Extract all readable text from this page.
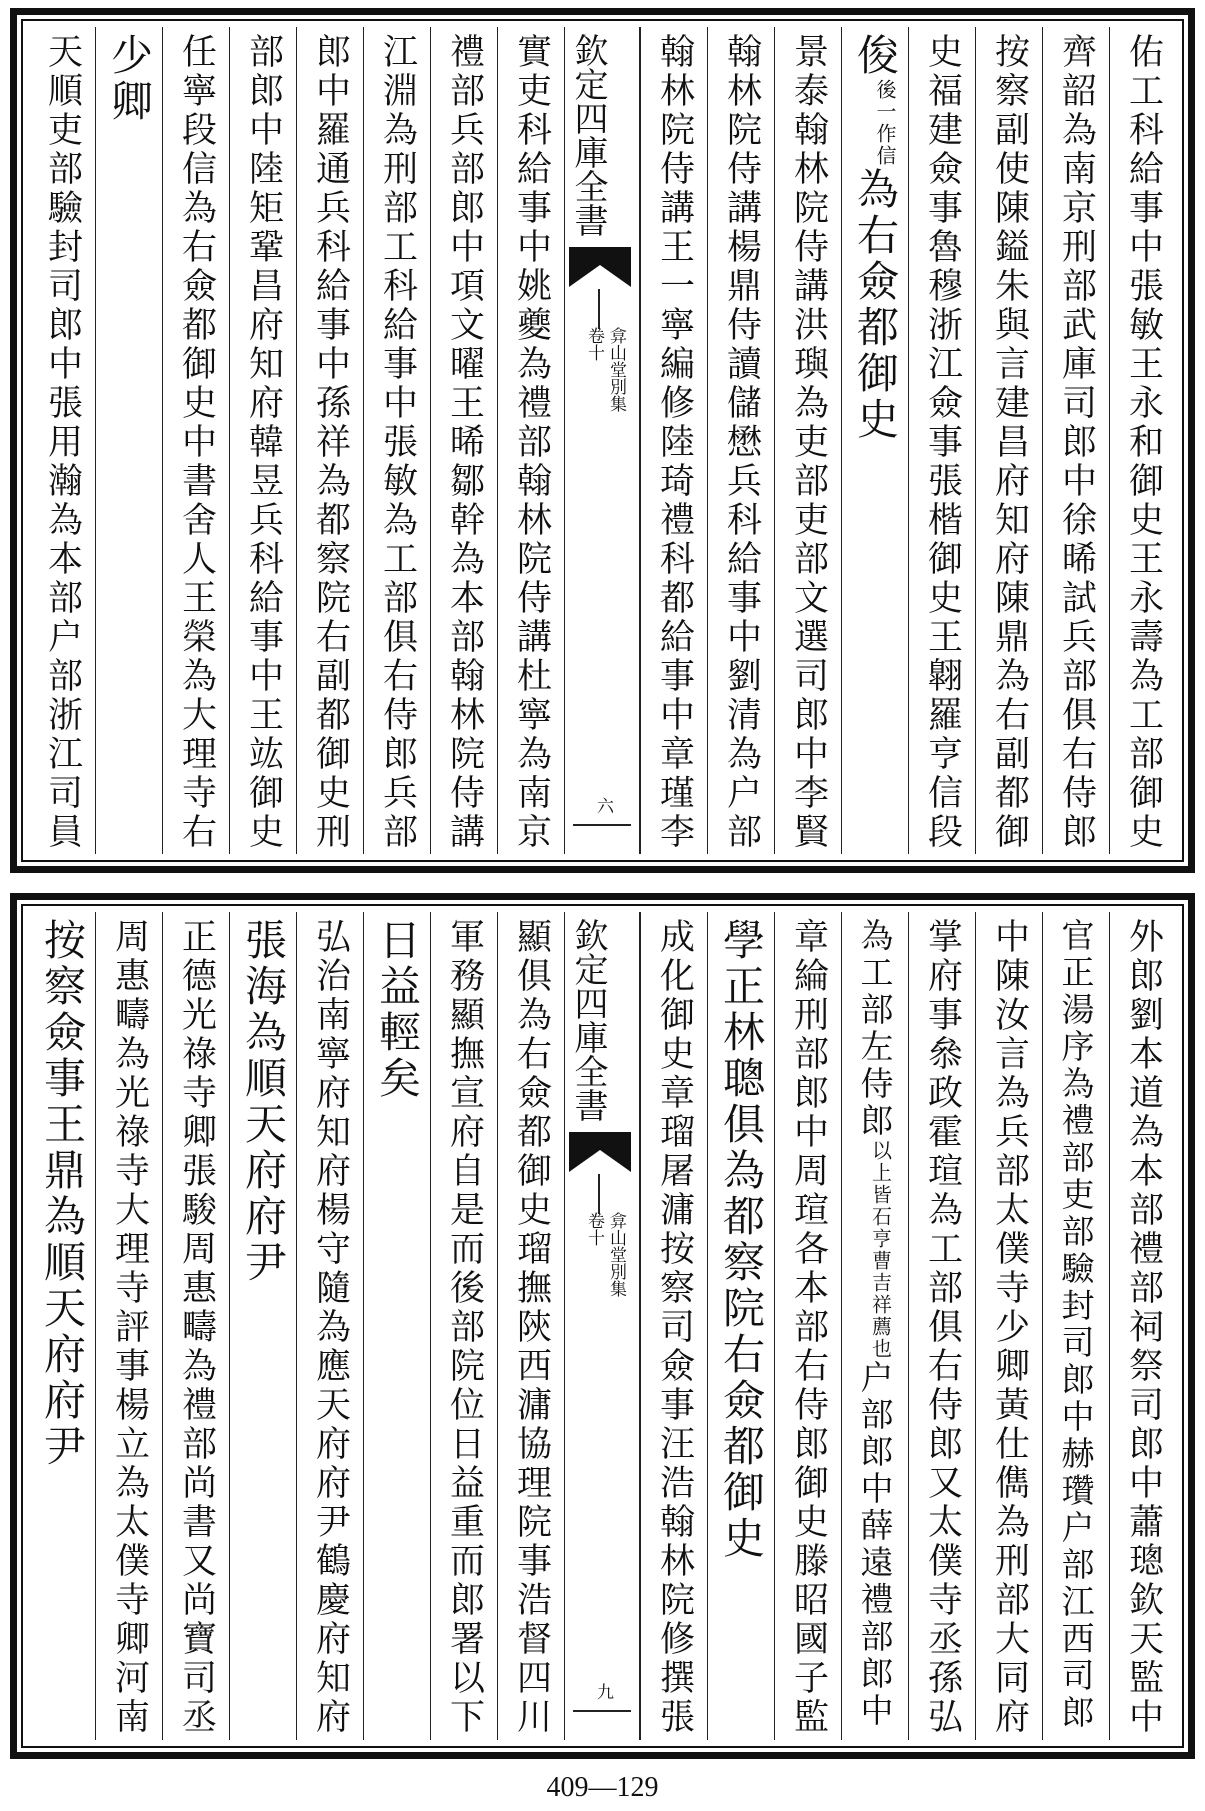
佑工科給事中張敏王永和御史王永壽為工部御史
齊韶為南京刑部武庫司郎中徐晞試兵部俱右侍郎
按察副使陳鎰朱與言建昌府知府陳鼎為右副都御
史福建僉事魯穆浙江僉事張楷御史王翺羅亨信段
俊後一作信為右僉都御史
景泰翰林院侍講洪璵為吏部吏部文選司郎中李賢
翰林院侍講楊鼎侍讀儲懋兵科給事中劉清為户部
翰林院侍講王一寧編修陸琦禮科都給事中章瑾李
欽定四庫全書
弇山堂別集
卷十
六
實吏科給事中姚夔為禮部翰林院侍講杜寧為南京
禮部兵部郎中項文曜王晞鄒幹為本部翰林院侍講
江淵為刑部工科給事中張敏為工部俱右侍郎兵部
郎中羅通兵科給事中孫祥為都察院右副都御史刑
部郎中陸矩鞏昌府知府韓昱兵科給事中王竑御史
任寧段信為右僉都御史中書舍人王榮為大理寺右
少卿
天順吏部驗封司郎中張用瀚為本部户部浙江司員
外郎劉本道為本部禮部祠祭司郎中蕭璁欽天監中
官正湯序為禮部吏部驗封司郎中赫瓚户部江西司郎
中陳汝言為兵部太僕寺少卿黃仕儁為刑部大同府
掌府事叅政霍瑄為工部俱右侍郎又太僕寺丞孫弘
為工部左侍郎以上皆石亨曹吉祥薦也户部郎中薛遠禮部郎中
章綸刑部郎中周瑄各本部右侍郎御史滕昭國子監
學正林聰俱為都察院右僉都御史
成化御史章瑠屠滽按察司僉事汪浩翰林院修撰張
欽定四庫全書
弇山堂別集
卷十
九
顯俱為右僉都御史瑠撫陝西滽協理院事浩督四川
軍務顯撫宣府自是而後部院位日益重而郎署以下
日益輕矣
弘治南寧府知府楊守隨為應天府府尹鶴慶府知府
張海為順天府府尹
正德光祿寺卿張駿周惠疇為禮部尚書又尚寶司丞
周惠疇為光祿寺大理寺評事楊立為太僕寺卿河南
按察僉事王鼎為順天府府尹
409—129
